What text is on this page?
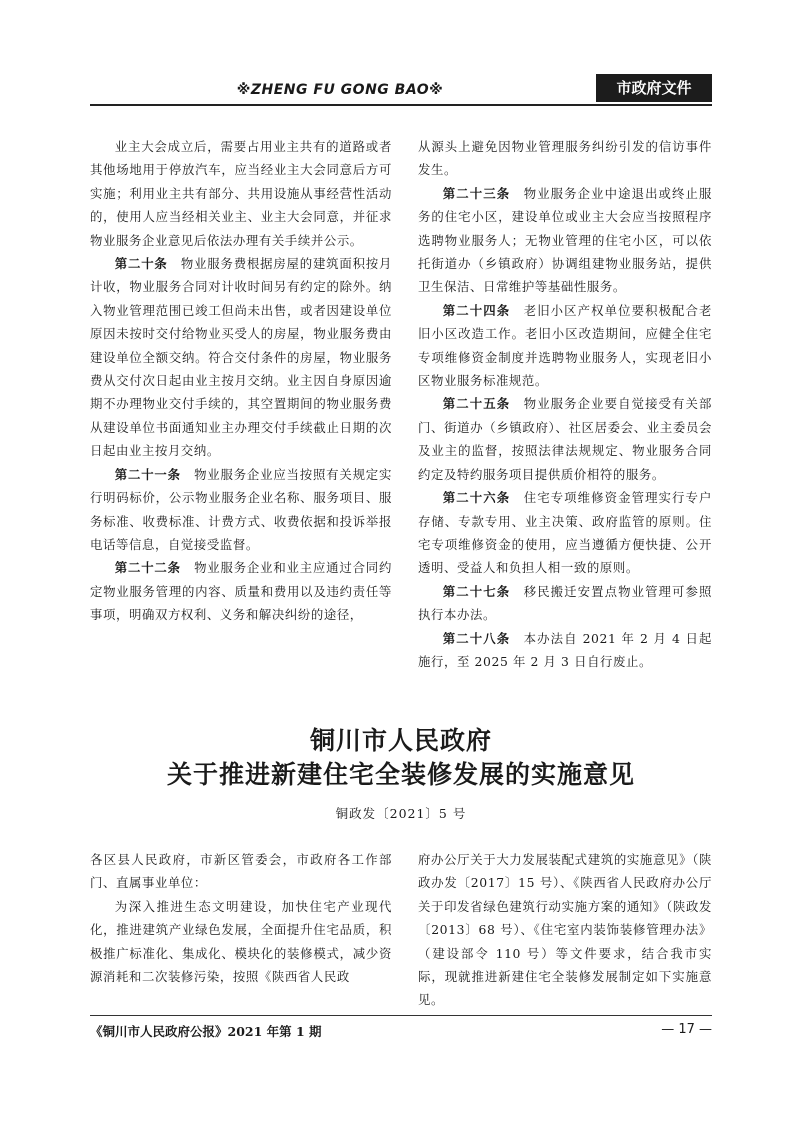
※ZHENG FU GONG BAO※	市政府文件

业主大会成立后，需要占用业主共有的道路或者其他场地用于停放汽车，应当经业主大会同意后方可实施；利用业主共有部分、共用设施从事经营性活动的，使用人应当经相关业主、业主大会同意，并征求物业服务企业意见后依法办理有关手续并公示。

第二十条  物业服务费根据房屋的建筑面积按月计收，物业服务合同对计收时间另有约定的除外。纳入物业管理范围已竣工但尚未出售，或者因建设单位原因未按时交付给物业买受人的房屋，物业服务费由建设单位全额交纳。符合交付条件的房屋，物业服务费从交付次日起由业主按月交纳。业主因自身原因逾期不办理物业交付手续的，其空置期间的物业服务费从建设单位书面通知业主办理交付手续截止日期的次日起由业主按月交纳。

第二十一条  物业服务企业应当按照有关规定实行明码标价，公示物业服务企业名称、服务项目、服务标准、收费标准、计费方式、收费依据和投诉举报电话等信息，自觉接受监督。

第二十二条  物业服务企业和业主应通过合同约定物业服务管理的内容、质量和费用以及违约责任等事项，明确双方权利、义务和解决纠纷的途径，

从源头上避免因物业管理服务纠纷引发的信访事件发生。

第二十三条  物业服务企业中途退出或终止服务的住宅小区，建设单位或业主大会应当按照程序选聘物业服务人；无物业管理的住宅小区，可以依托街道办（乡镇政府）协调组建物业服务站，提供卫生保洁、日常维护等基础性服务。

第二十四条  老旧小区产权单位要积极配合老旧小区改造工作。老旧小区改造期间，应健全住宅专项维修资金制度并选聘物业服务人，实现老旧小区物业服务标准规范。

第二十五条  物业服务企业要自觉接受有关部门、街道办（乡镇政府）、社区居委会、业主委员会及业主的监督，按照法律法规规定、物业服务合同约定及特约服务项目提供质价相符的服务。

第二十六条  住宅专项维修资金管理实行专户存储、专款专用、业主决策、政府监管的原则。住宅专项维修资金的使用，应当遵循方便快捷、公开透明、受益人和负担人相一致的原则。

第二十七条  移民搬迁安置点物业管理可参照执行本办法。

第二十八条  本办法自 2021 年 2 月 4 日起施行，至 2025 年 2 月 3 日自行废止。

铜川市人民政府
关于推进新建住宅全装修发展的实施意见
铜政发〔2021〕5 号

各区县人民政府，市新区管委会，市政府各工作部门、直属事业单位：

为深入推进生态文明建设，加快住宅产业现代化，推进建筑产业绿色发展，全面提升住宅品质，积极推广标准化、集成化、模块化的装修模式，减少资源消耗和二次装修污染，按照《陕西省人民政

府办公厅关于大力发展装配式建筑的实施意见》（陕政办发〔2017〕15 号）、《陕西省人民政府办公厅关于印发省绿色建筑行动实施方案的通知》（陕政发〔2013〕68 号）、《住宅室内装饰装修管理办法》（建设部令 110 号）等文件要求，结合我市实际，现就推进新建住宅全装修发展制定如下实施意见。

《铜川市人民政府公报》2021 年第 1 期	— 17 —
